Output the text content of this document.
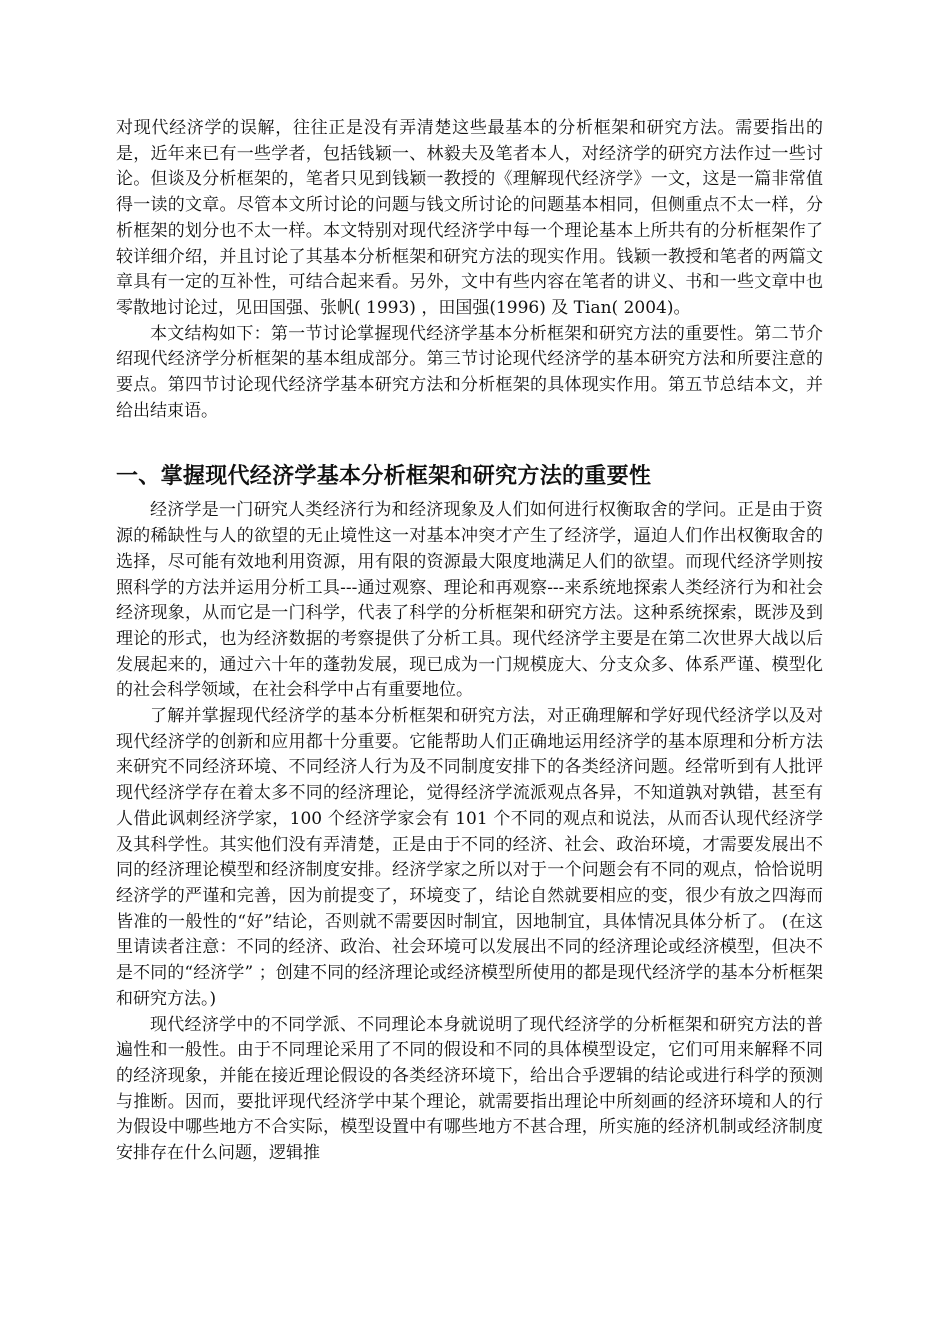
对现代经济学的误解，往往正是没有弄清楚这些最基本的分析框架和研究方法。需要指出的是，近年来已有一些学者，包括钱颖一、林毅夫及笔者本人，对经济学的研究方法作过一些讨论。但谈及分析框架的，笔者只见到钱颖一教授的《理解现代经济学》一文，这是一篇非常值得一读的文章。尽管本文所讨论的问题与钱文所讨论的问题基本相同，但侧重点不太一样，分析框架的划分也不太一样。本文特别对现代经济学中每一个理论基本上所共有的分析框架作了较详细介绍，并且讨论了其基本分析框架和研究方法的现实作用。钱颖一教授和笔者的两篇文章具有一定的互补性，可结合起来看。另外，文中有些内容在笔者的讲义、书和一些文章中也零散地讨论过，见田国强、张帆( 1993) ，田国强(1996) 及 Tian( 2004)。

本文结构如下：第一节讨论掌握现代经济学基本分析框架和研究方法的重要性。第二节介绍现代经济学分析框架的基本组成部分。第三节讨论现代经济学的基本研究方法和所要注意的要点。第四节讨论现代经济学基本研究方法和分析框架的具体现实作用。第五节总结本文，并给出结束语。

一、掌握现代经济学基本分析框架和研究方法的重要性

经济学是一门研究人类经济行为和经济现象及人们如何进行权衡取舍的学问。正是由于资源的稀缺性与人的欲望的无止境性这一对基本冲突才产生了经济学，逼迫人们作出权衡取舍的选择，尽可能有效地利用资源，用有限的资源最大限度地满足人们的欲望。而现代经济学则按照科学的方法并运用分析工具---通过观察、理论和再观察---来系统地探索人类经济行为和社会经济现象，从而它是一门科学，代表了科学的分析框架和研究方法。这种系统探索，既涉及到理论的形式，也为经济数据的考察提供了分析工具。现代经济学主要是在第二次世界大战以后发展起来的，通过六十年的蓬勃发展，现已成为一门规模庞大、分支众多、体系严谨、模型化的社会科学领域，在社会科学中占有重要地位。

了解并掌握现代经济学的基本分析框架和研究方法，对正确理解和学好现代经济学以及对现代经济学的创新和应用都十分重要。它能帮助人们正确地运用经济学的基本原理和分析方法来研究不同经济环境、不同经济人行为及不同制度安排下的各类经济问题。经常听到有人批评现代经济学存在着太多不同的经济理论，觉得经济学流派观点各异，不知道孰对孰错，甚至有人借此讽刺经济学家，100 个经济学家会有 101 个不同的观点和说法，从而否认现代经济学及其科学性。其实他们没有弄清楚，正是由于不同的经济、社会、政治环境，才需要发展出不同的经济理论模型和经济制度安排。经济学家之所以对于一个问题会有不同的观点，恰恰说明经济学的严谨和完善，因为前提变了，环境变了，结论自然就要相应的变，很少有放之四海而皆准的一般性的“好”结论，否则就不需要因时制宜，因地制宜，具体情况具体分析了。 (在这里请读者注意：不同的经济、政治、社会环境可以发展出不同的经济理论或经济模型，但决不是不同的“经济学” ；创建不同的经济理论或经济模型所使用的都是现代经济学的基本分析框架和研究方法。)

现代经济学中的不同学派、不同理论本身就说明了现代经济学的分析框架和研究方法的普遍性和一般性。由于不同理论采用了不同的假设和不同的具体模型设定，它们可用来解释不同的经济现象，并能在接近理论假设的各类经济环境下，给出合乎逻辑的结论或进行科学的预测与推断。因而，要批评现代经济学中某个理论，就需要指出理论中所刻画的经济环境和人的行为假设中哪些地方不合实际，模型设置中有哪些地方不甚合理，所实施的经济机制或经济制度安排存在什么问题，逻辑推
